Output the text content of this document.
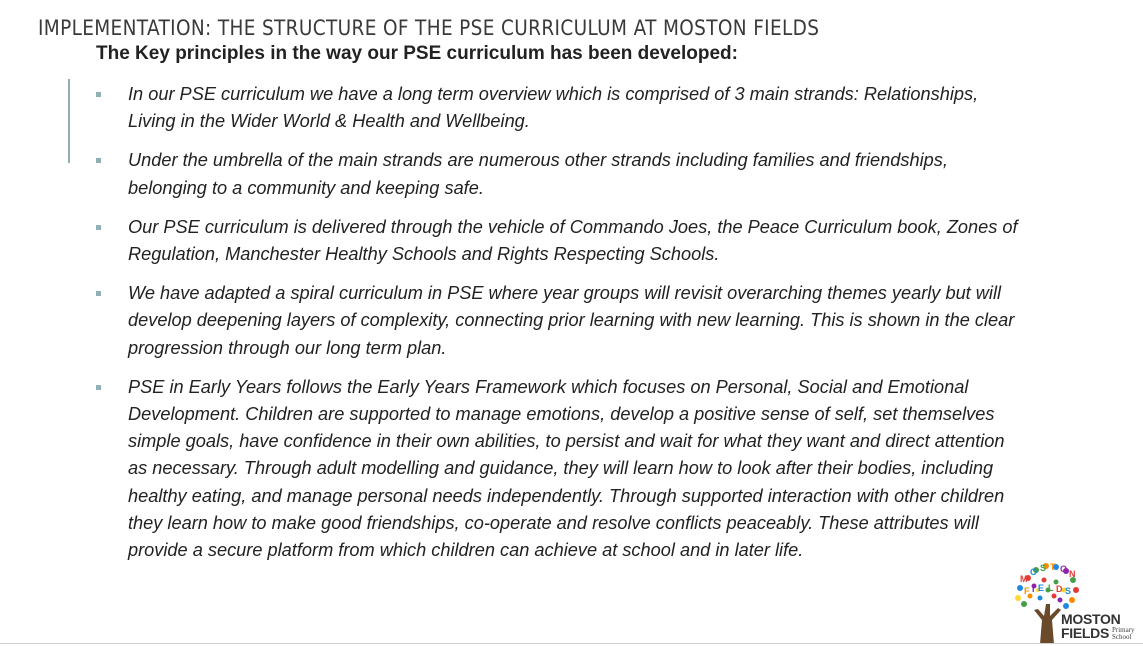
IMPLEMENTATION: THE STRUCTURE OF THE PSE CURRICULUM AT MOSTON FIELDS
The Key principles in the way our PSE curriculum has been developed:
In our PSE curriculum we have a long term overview which is comprised of 3 main strands: Relationships, Living in the Wider World & Health and Wellbeing.
Under the umbrella of the main strands are numerous other strands including families and friendships, belonging to a community and keeping safe.
Our PSE curriculum is delivered through the vehicle of Commando Joes, the Peace Curriculum book, Zones of Regulation, Manchester Healthy Schools and Rights Respecting Schools.
We have adapted a spiral curriculum in PSE where year groups will revisit overarching themes yearly but will develop deepening layers of complexity, connecting prior learning with new learning. This is shown in the clear progression through our long term plan.
PSE in Early Years follows the Early Years Framework which focuses on Personal, Social and Emotional Development. Children are supported to manage emotions, develop a positive sense of self, set themselves simple goals, have confidence in their own abilities, to persist and wait for what they want and direct attention as necessary. Through adult modelling and guidance, they will learn how to look after their bodies, including healthy eating, and manage personal needs independently. Through supported interaction with other children they learn how to make good friendships, co-operate and resolve conflicts peaceably. These attributes will provide a secure platform from which children can achieve at school and in later life.
M
O S T O N
F I E L D S
MOSTON
FIELDS Primary
School
